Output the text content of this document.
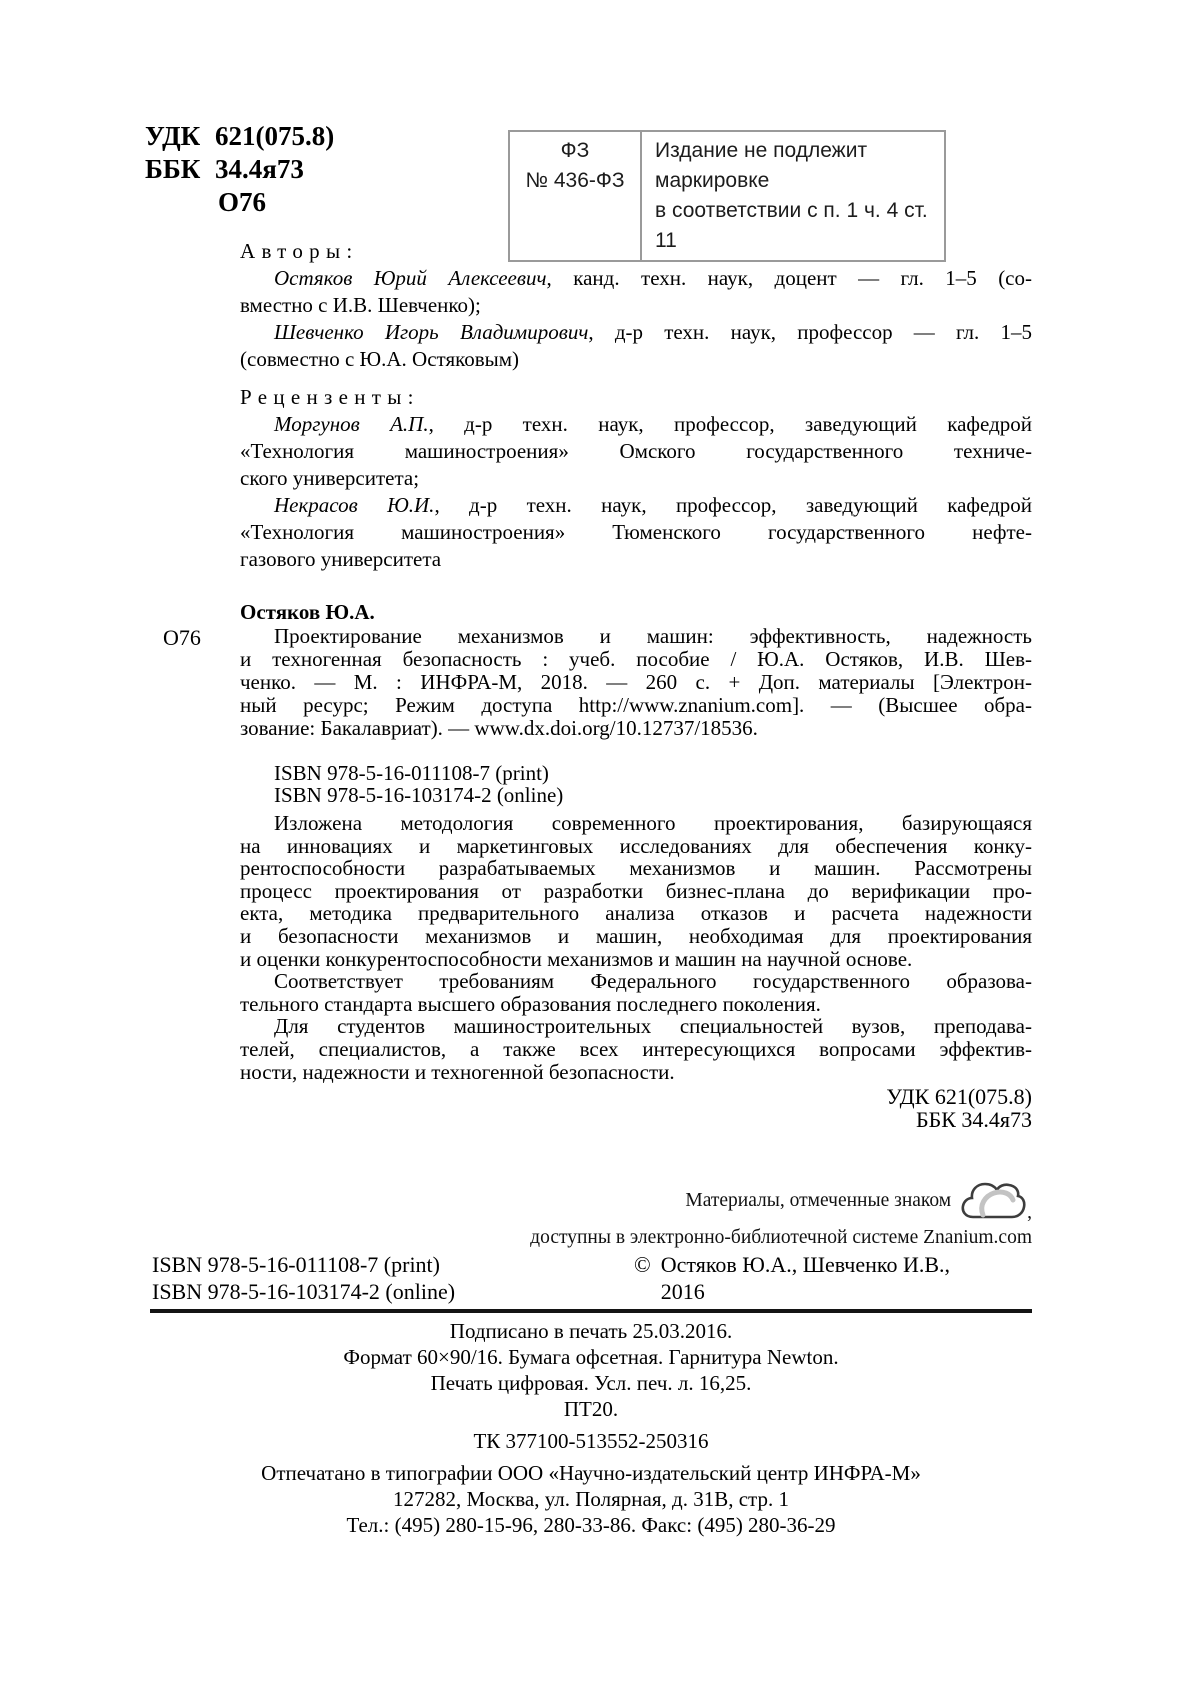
УДК 621(075.8)
ББК 34.4я73
О76
ФЗ
№ 436-ФЗ
Издание не подлежит маркировке
в соответствии с п. 1 ч. 4 ст. 11
Авторы:
Остяков Юрий Алексеевич, канд. техн. наук, доцент — гл. 1–5 (со-
вместно с И.В. Шевченко);
Шевченко Игорь Владимирович, д-р техн. наук, профессор — гл. 1–5
(совместно с Ю.А. Остяковым)
Рецензенты:
Моргунов А.П., д-р техн. наук, профессор, заведующий кафедрой
«Технология машиностроения» Омского государственного техниче-
ского университета;
Некрасов Ю.И., д-р техн. наук, профессор, заведующий кафедрой
«Технология машиностроения» Тюменского государственного нефте-
газового университета
О76
Остяков Ю.А.
Проектирование механизмов и машин: эффективность, надежность
и техногенная безопасность : учеб. пособие / Ю.А. Остяков, И.В. Шев-
ченко. — М. : ИНФРА-М, 2018. — 260 с. + Доп. материалы [Электрон-
ный ресурс; Режим доступа http://www.znanium.com]. — (Высшее обра-
зование: Бакалавриат). — www.dx.doi.org/10.12737/18536.
ISBN 978-5-16-011108-7 (print)
ISBN 978-5-16-103174-2 (online)
Изложена методология современного проектирования, базирующаяся
на инновациях и маркетинговых исследованиях для обеспечения конку-
рентоспособности разрабатываемых механизмов и машин. Рассмотрены
процесс проектирования от разработки бизнес-плана до верификации про-
екта, методика предварительного анализа отказов и расчета надежности
и безопасности механизмов и машин, необходимая для проектирования
и оценки конкурентоспособности механизмов и машин на научной основе.
Соответствует требованиям Федерального государственного образова-
тельного стандарта высшего образования последнего поколения.
Для студентов машиностроительных специальностей вузов, преподава-
телей, специалистов, а также всех интересующихся вопросами эффектив-
ности, надежности и техногенной безопасности.
УДК 621(075.8)
ББК 34.4я73
Материалы, отмеченные знаком
,
доступны в электронно-библиотечной системе Znanium.com
ISBN 978-5-16-011108-7 (print)
ISBN 978-5-16-103174-2 (online)
© Остяков Ю.А., Шевченко И.В.,
2016
Подписано в печать 25.03.2016.
Формат 60×90/16. Бумага офсетная. Гарнитура Newton.
Печать цифровая. Усл. печ. л. 16,25.
ПТ20.
ТК 377100-513552-250316
Отпечатано в типографии ООО «Научно-издательский центр ИНФРА-М»
127282, Москва, ул. Полярная, д. 31В, стр. 1
Тел.: (495) 280-15-96, 280-33-86. Факс: (495) 280-36-29
